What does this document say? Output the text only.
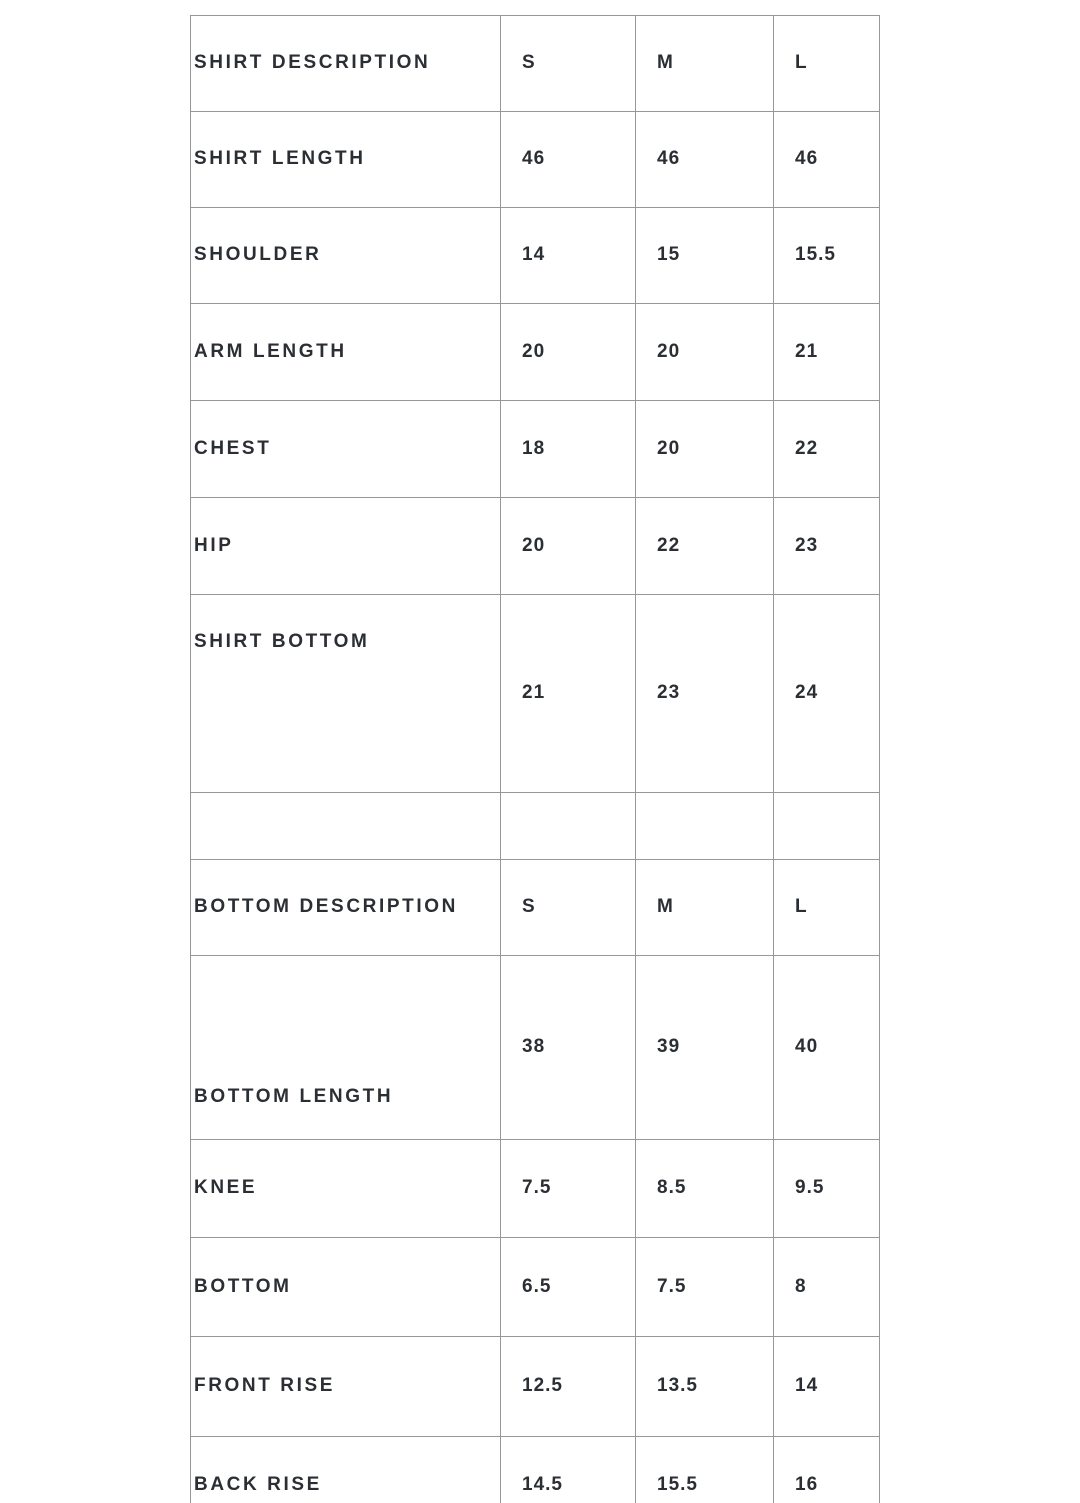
SHIRT DESCRIPTION	S	M	L
SHIRT LENGTH	46	46	46
SHOULDER	14	15	15.5
ARM LENGTH	20	20	21
CHEST	18	20	22
HIP	20	22	23
SHIRT BOTTOM	21	23	24

BOTTOM DESCRIPTION	S	M	L
BOTTOM LENGTH	38	39	40
KNEE	7.5	8.5	9.5
BOTTOM	6.5	7.5	8
FRONT RISE	12.5	13.5	14
BACK RISE	14.5	15.5	16
